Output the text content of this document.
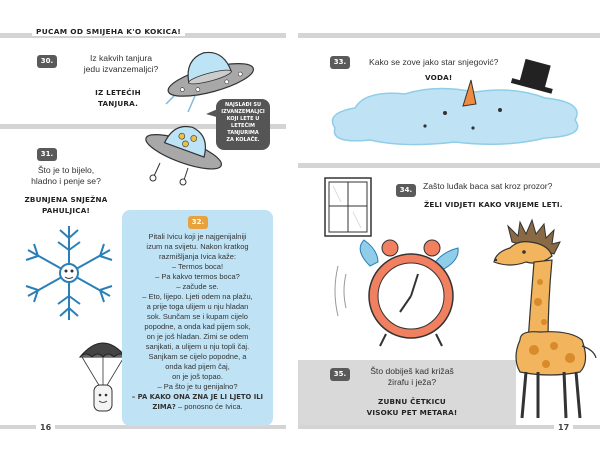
PUCAM OD SMIJEHA K'O KOKICA!
16	17
30.	Iz kakvih tanjura
jedu izvanzemaljci?
IZ LETEĆIH
TANJURA.	NAJSLAĐI SU
IZVANZEMALJCI
KOJI LETE U
LETEĆIM
TANJURIMA
ZA KOLAČE.
31.
Što je to bijelo,
hladno i penje se?
ZBUNJENA SNJEŽNA
PAHULJICA!
32.

Pitali Ivicu koji je najgenijalniji
izum na svijetu. Nakon kratkog
razmišljanja Ivica kaže:
– Termos boca!
– Pa kakvo termos boca?
– začude se.
– Eto, lijepo. Ljeti odem na plažu,
a prije toga ulijem u nju hladan
sok. Sunčam se i kupam cijelo
popodne, a onda kad pijem sok,
on je još hladan. Zimi se odem
sanjkati, a ulijem u nju topli čaj.
Sanjkam se cijelo popodne, a
onda kad pijem čaj,
on je još topao.
– Pa što je tu genijalno?
– PA KAKO ONA ZNA JE LI LJETO ILI
ZIMA? – ponosno će Ivica.

33.	Kako se zove jako star snjegović?
VODA!
34.	Zašto luđak baca sat kroz prozor?
ŽELI VIDJETI KAKO VRIJEME LETI.
35.	Što dobiješ kad križaš
žirafu i ježa?
ZUBNU ČETKICU
VISOKU PET METARA!
